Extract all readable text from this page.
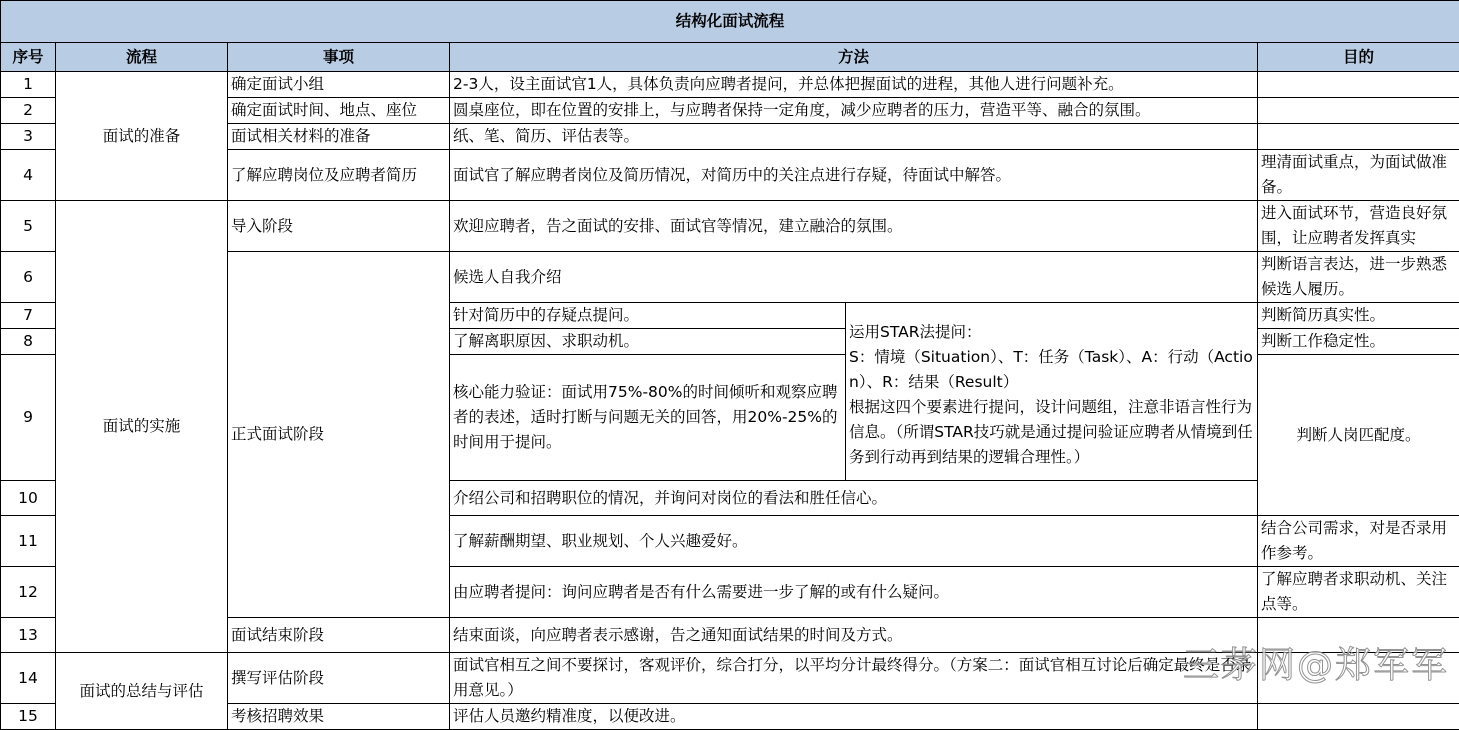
结构化面试流程					
序号	流程	事项	方法		目的
1	面试的准备	确定面试小组	2-3人，设主面试官1人，具体负责向应聘者提问，并总体把握面试的进程，其他人进行问题补充。		
2		确定面试时间、地点、座位	圆桌座位，即在位置的安排上，与应聘者保持一定角度，减少应聘者的压力，营造平等、融合的氛围。		
3		面试相关材料的准备	纸、笔、简历、评估表等。		
4		了解应聘岗位及应聘者简历	面试官了解应聘者岗位及简历情况，对简历中的关注点进行存疑，待面试中解答。		理清面试重点，为面试做准备。
5	面试的实施	导入阶段	欢迎应聘者，告之面试的安排、面试官等情况，建立融洽的氛围。		进入面试环节，营造良好氛围，让应聘者发挥真实
6		正式面试阶段	候选人自我介绍		判断语言表达，进一步熟悉候选人履历。
7			针对简历中的存疑点提问。	运用STAR法提问：
S：情境（Situation）、T：任务（Task）、A：行动（Action）、R：结果（Result）
根据这四个要素进行提问，设计问题组，注意非语言性行为信息。（所谓STAR技巧就是通过提问验证应聘者从情境到任务到行动再到结果的逻辑合理性。）	判断简历真实性。
8			了解离职原因、求职动机。		判断工作稳定性。
9			核心能力验证：面试用75%-80%的时间倾听和观察应聘者的表述，适时打断与问题无关的回答，用20%-25%的时间用于提问。		判断人岗匹配度。
10			介绍公司和招聘职位的情况，并询问对岗位的看法和胜任信心。		
11			了解薪酬期望、职业规划、个人兴趣爱好。		结合公司需求，对是否录用作参考。
12			由应聘者提问：询问应聘者是否有什么需要进一步了解的或有什么疑问。		了解应聘者求职动机、关注点等。
13		面试结束阶段	结束面谈，向应聘者表示感谢，告之通知面试结果的时间及方式。		
14	面试的总结与评估	撰写评估阶段	面试官相互之间不要探讨，客观评价，综合打分，以平均分计最终得分。（方案二：面试官相互讨论后确定最终是否录用意见。）		
15		考核招聘效果	评估人员邀约精准度，以便改进。		
三茅网@郑军军
